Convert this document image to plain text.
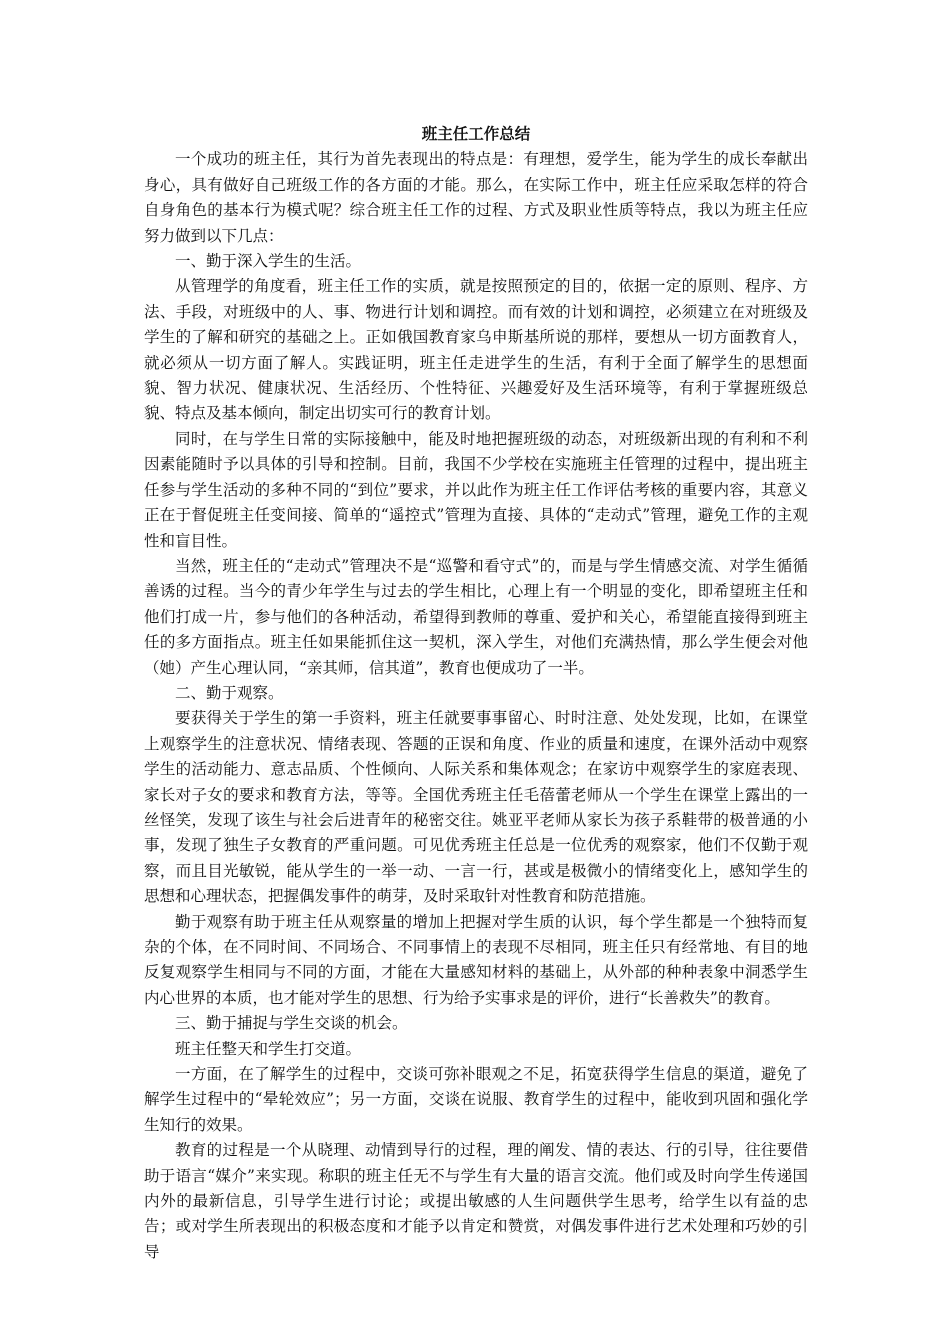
班主任工作总结

一个成功的班主任，其行为首先表现出的特点是：有理想，爱学生，能为学生的成长奉献出身心，具有做好自己班级工作的各方面的才能。那么，在实际工作中，班主任应采取怎样的符合自身角色的基本行为模式呢？综合班主任工作的过程、方式及职业性质等特点，我以为班主任应努力做到以下几点：

一、勤于深入学生的生活。

从管理学的角度看，班主任工作的实质，就是按照预定的目的，依据一定的原则、程序、方法、手段，对班级中的人、事、物进行计划和调控。而有效的计划和调控，必须建立在对班级及学生的了解和研究的基础之上。正如俄国教育家乌申斯基所说的那样，要想从一切方面教育人，就必须从一切方面了解人。实践证明，班主任走进学生的生活，有利于全面了解学生的思想面貌、智力状况、健康状况、生活经历、个性特征、兴趣爱好及生活环境等，有利于掌握班级总貌、特点及基本倾向，制定出切实可行的教育计划。

同时，在与学生日常的实际接触中，能及时地把握班级的动态，对班级新出现的有利和不利因素能随时予以具体的引导和控制。目前，我国不少学校在实施班主任管理的过程中，提出班主任参与学生活动的多种不同的“到位”要求，并以此作为班主任工作评估考核的重要内容，其意义正在于督促班主任变间接、简单的“遥控式”管理为直接、具体的“走动式”管理，避免工作的主观性和盲目性。

当然，班主任的“走动式”管理决不是“巡警和看守式”的，而是与学生情感交流、对学生循循善诱的过程。当今的青少年学生与过去的学生相比，心理上有一个明显的变化，即希望班主任和他们打成一片，参与他们的各种活动，希望得到教师的尊重、爱护和关心，希望能直接得到班主任的多方面指点。班主任如果能抓住这一契机，深入学生，对他们充满热情，那么学生便会对他（她）产生心理认同，“亲其师，信其道”，教育也便成功了一半。

二、勤于观察。

要获得关于学生的第一手资料，班主任就要事事留心、时时注意、处处发现，比如，在课堂上观察学生的注意状况、情绪表现、答题的正误和角度、作业的质量和速度，在课外活动中观察学生的活动能力、意志品质、个性倾向、人际关系和集体观念；在家访中观察学生的家庭表现、家长对子女的要求和教育方法，等等。全国优秀班主任毛蓓蕾老师从一个学生在课堂上露出的一丝怪笑，发现了该生与社会后进青年的秘密交往。姚亚平老师从家长为孩子系鞋带的极普通的小事，发现了独生子女教育的严重问题。可见优秀班主任总是一位优秀的观察家，他们不仅勤于观察，而且目光敏锐，能从学生的一举一动、一言一行，甚或是极微小的情绪变化上，感知学生的思想和心理状态，把握偶发事件的萌芽，及时采取针对性教育和防范措施。

勤于观察有助于班主任从观察量的增加上把握对学生质的认识，每个学生都是一个独特而复杂的个体，在不同时间、不同场合、不同事情上的表现不尽相同，班主任只有经常地、有目的地反复观察学生相同与不同的方面，才能在大量感知材料的基础上，从外部的种种表象中洞悉学生内心世界的本质，也才能对学生的思想、行为给予实事求是的评价，进行“长善救失”的教育。

三、勤于捕捉与学生交谈的机会。

班主任整天和学生打交道。

一方面，在了解学生的过程中，交谈可弥补眼观之不足，拓宽获得学生信息的渠道，避免了解学生过程中的“晕轮效应”；另一方面，交谈在说服、教育学生的过程中，能收到巩固和强化学生知行的效果。

教育的过程是一个从晓理、动情到导行的过程，理的阐发、情的表达、行的引导，往往要借助于语言“媒介”来实现。称职的班主任无不与学生有大量的语言交流。他们或及时向学生传递国内外的最新信息，引导学生进行讨论；或提出敏感的人生问题供学生思考，给学生以有益的忠告；或对学生所表现出的积极态度和才能予以肯定和赞赏，对偶发事件进行艺术处理和巧妙的引导
